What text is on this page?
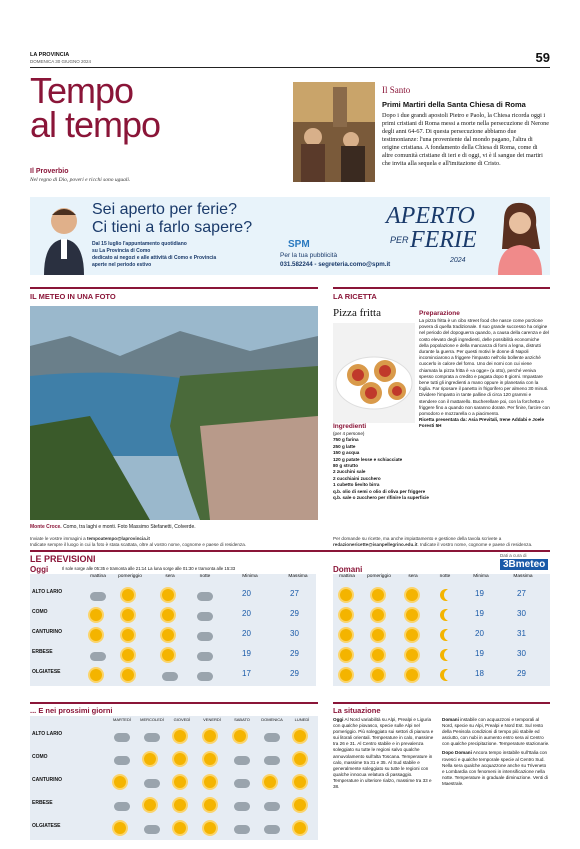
LA PROVINCIA
DOMENICA 30 GIUGNO 2024	59
Tempo
al tempo
Il Proverbio
Nel regno di Dio, poveri e ricchi sono uguali.
Il Santo
Primi Martiri della Santa Chiesa di Roma
Dopo i due grandi apostoli Pietro e Paolo, la Chiesa ricorda oggi i primi cristiani di Roma messi a morte nella persecuzione di Nerone degli anni 64-67. Di questa persecuzione abbiamo due testimonianze: l'una proveniente dal mondo pagano, l'altra di origine cristiana. A fondamento della Chiesa di Roma, come di altre comunità cristiane di ieri e di oggi, vi è il sangue dei martiri che invita alla sequela e all'imitazione di Cristo.
Sei aperto per ferie?
Ci tieni a farlo sapere?
Dal 15 luglio l'appuntamento quotidiano
su La Provincia di Como
dedicato ai negozi e alle attività di Como e Provincia
aperte nel periodo estivo
SPM
Per la tua pubblicità
031.582244 - segreteria.como@spm.it
APERTO
PER FERIE
2024
IL METEO IN UNA FOTO
Monte Croce. Como, tra laghi e monti. Foto Massimo Stefanetti, Colverde.
Inviate le vostre immagini a tempoatempo@laprovincia.it
Indicate sempre il luogo in cui la foto è stata scattata, oltre al vostro nome, cognome e paese di residenza.
LA RICETTA
Pizza fritta	Preparazione
La pizza fritta è un cibo street food che nasce come porzione povera di quella tradizionale. Il suo grande successo ha origine nel periodo del dopoguerra quando, a causa della carenza e del costo elevato degli ingredienti, delle possibilità economiche della popolazione e della mancanza di forni a legna, distrutti durante la guerra. Per questi motivi le donne di Napoli incominciarono a friggere l'impasto nell'olio bollente anziché cuocerlo in calore del forno. Uno dei nomi con cui viene chiamata la pizza fritta è «a ogge» (a otto), perché veniva spesso comprata a credito e pagata dopo 8 giorni. Impastare bene tutti gli ingredienti a mano oppure in planetaria con la foglia. Far riposare il panetto in frigorifero per almeno 30 minuti. Dividere l'impasto in tante palline di circa 120 grammi e stendere con il mattarello. Bucherellare poi, con la forchetta e friggere fino a quando non saranno dorate. Per finire, farcire con pomodoro e mozzarella o a piacimento.
Ricetta presentata da: Asia Previtali, Irene Addabi e Joele Foresti 5H
Ingredienti
(per 4 persone)
750 g farina
250 g latte
150 g acqua
120 g patate lesse e schiacciate
80 g strutto
2 zucchini sale
2 cucchiaini zucchero
1 cubetto lievito birra
q.b. olio di semi o olio di oliva per friggere
q.b. sale o zucchero per rifinire la superficie
Per domande su ricette, ma anche impiattamento e gestione della tavola scrivete a redazionericette@isanpellegrino.edu.it. Indicate il vostro nome, cognome e paese di residenza.
LE PREVISIONI	Dati a cura di
3Bmeteo
Oggi	Il sole sorge alle 05:35 e tramonta alle 21:14 La luna sorge alle 01:30 e tramonta alle 15:33	Domani
mattina	pomeriggio	sera	notte	Minima	Massima
ALTO LARIO	20	27
COMO	20	29
CANTURINO	20	30
ERBESE	19	29
OLGIATESE	17	29
mattina	pomeriggio	sera	notte	Minima	Massima
19	27
19	30
20	31
19	30
18	29
... E nei prossimi giorni
MARTEDÌ	MERCOLEDÌ	GIOVEDÌ	VENERDÌ	SABATO	DOMENICA	LUNEDÌ
ALTO LARIO
COMO
CANTURINO
ERBESE
OLGIATESE
La situazione
Oggi Al Nord variabilità su Alpi, Prealpi e Liguria con qualche piovasco, specie sulle Alpi nel pomeriggio. Più soleggiato sui settori di pianura e sui litorali orientali. Temperature in calo, massime tra 26 e 31. Al Centro stabile e in prevalenza soleggiato su tutte le regioni salvo qualche annuvolamento sull'alta Toscana. Temperature in calo, massime tra 31 e 35. Al Sud stabile e generalmente soleggiato su tutte le regioni con qualche innocua velatura di passaggio. Temperature in ulteriore rialzo, massime tra 33 e 38.
Domani instabile con acquazzoni e temporali al Nord, specie su Alpi, Prealpi e Nord Est. Sul resto della Penisola condizioni di tempo più stabile ed asciutto, con nubi in aumento entro sera al Centro con qualche precipitazione. Temperature stazionarie.
Dopo Domani Ancora tempo instabile sull'Italia con rovesci e qualche temporale specie al Centro Sud. Nella sera qualche acquazzone anche su Triveneto e Lombardia con fenomeni in intensificazione nella notte. Temperature in graduale diminuzione. Venti di Maestrale.
